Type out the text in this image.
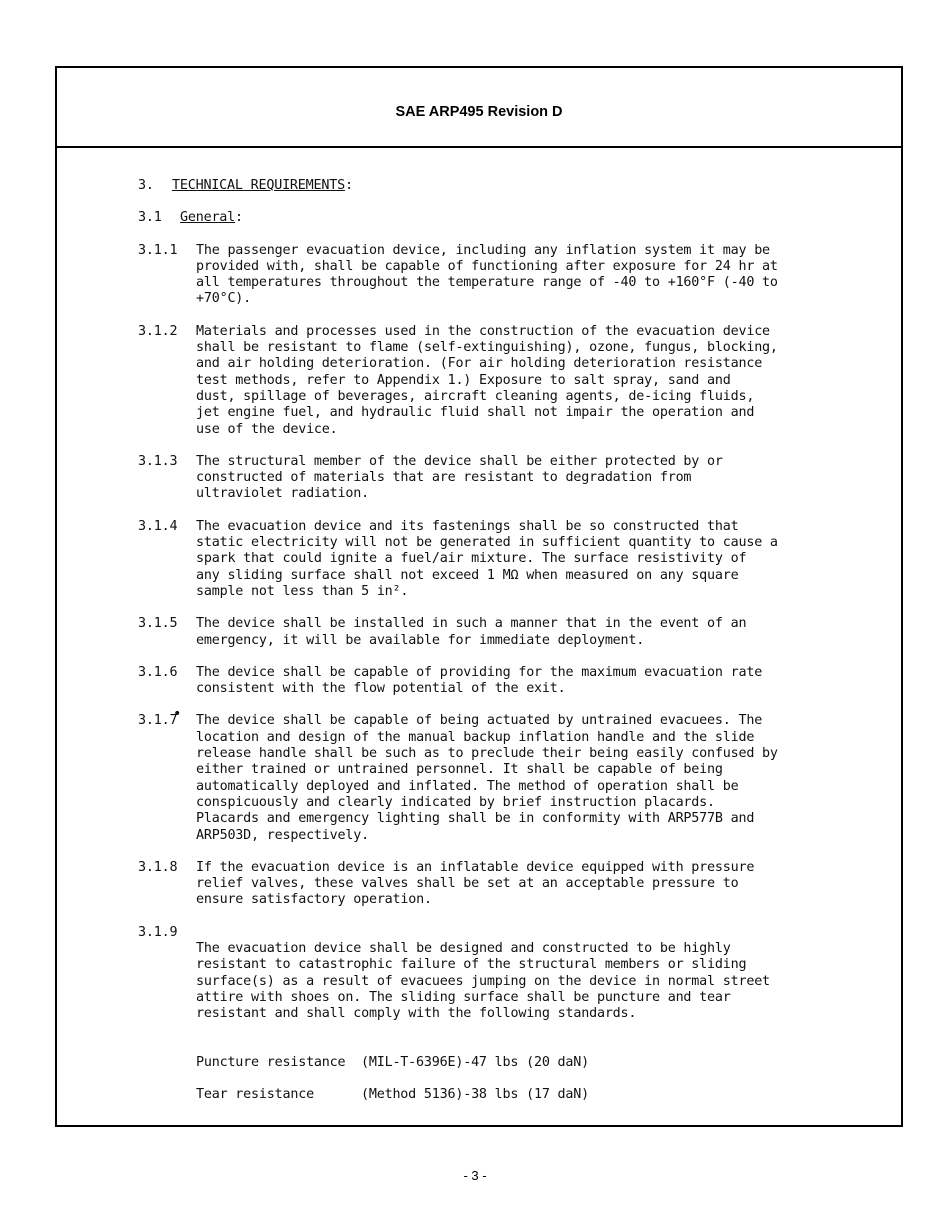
SAE ARP495 Revision D
3. TECHNICAL REQUIREMENTS:
3.1 General:
3.1.1	The passenger evacuation device, including any inflation system it may be
provided with, shall be capable of functioning after exposure for 24 hr at
all temperatures throughout the temperature range of -40 to +160°F (-40 to
+70°C).
3.1.2	Materials and processes used in the construction of the evacuation device
shall be resistant to flame (self-extinguishing), ozone, fungus, blocking,
and air holding deterioration. (For air holding deterioration resistance
test methods, refer to Appendix 1.) Exposure to salt spray, sand and
dust, spillage of beverages, aircraft cleaning agents, de-icing fluids,
jet engine fuel, and hydraulic fluid shall not impair the operation and
use of the device.
3.1.3	The structural member of the device shall be either protected by or
constructed of materials that are resistant to degradation from
ultraviolet radiation.
3.1.4	The evacuation device and its fastenings shall be so constructed that
static electricity will not be generated in sufficient quantity to cause a
spark that could ignite a fuel/air mixture. The surface resistivity of
any sliding surface shall not exceed 1 MΩ when measured on any square
sample not less than 5 in².
3.1.5	The device shall be installed in such a manner that in the event of an
emergency, it will be available for immediate deployment.
3.1.6	The device shall be capable of providing for the maximum evacuation rate
consistent with the flow potential of the exit.
3.1.7	The device shall be capable of being actuated by untrained evacuees. The
location and design of the manual backup inflation handle and the slide
release handle shall be such as to preclude their being easily confused by
either trained or untrained personnel. It shall be capable of being
automatically deployed and inflated. The method of operation shall be
conspicuously and clearly indicated by brief instruction placards.
Placards and emergency lighting shall be in conformity with ARP577B and
ARP503D, respectively.
3.1.8	If the evacuation device is an inflatable device equipped with pressure
relief valves, these valves shall be set at an acceptable pressure to
ensure satisfactory operation.
3.1.9

The evacuation device shall be designed and constructed to be highly
resistant to catastrophic failure of the structural members or sliding
surface(s) as a result of evacuees jumping on the device in normal street
attire with shoes on. The sliding surface shall be puncture and tear
resistant and shall comply with the following standards.

Puncture resistance	(MIL-T-6396E)-47 lbs (20 daN)

Tear resistance	(Method 5136)-38 lbs (17 daN)

•
- 3 -
